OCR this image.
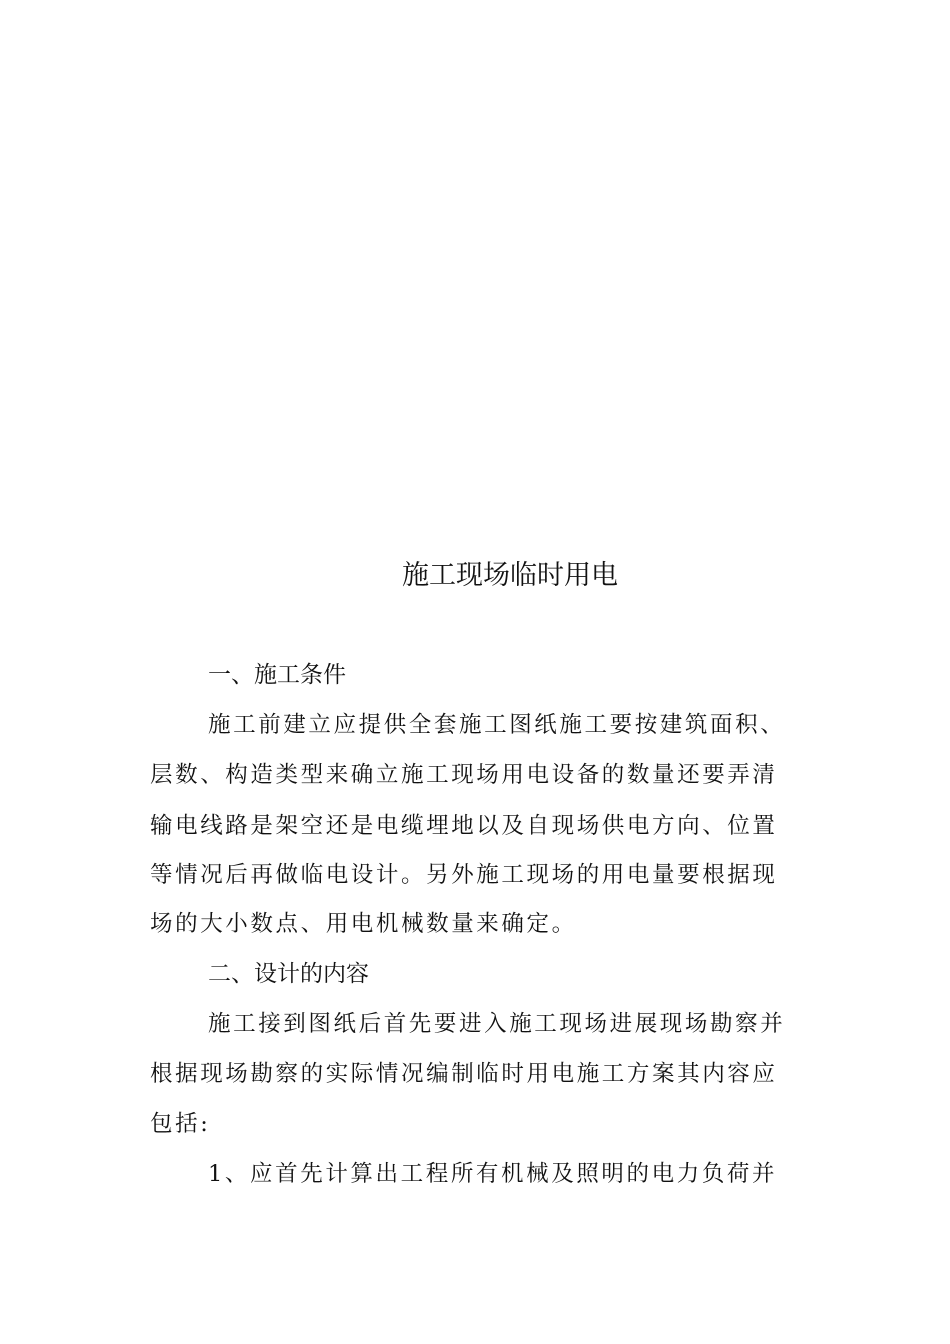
施工现场临时用电
一、施工条件
施工前建立应提供全套施工图纸施工要按建筑面积、
层数、构造类型来确立施工现场用电设备的数量还要弄清
输电线路是架空还是电缆埋地以及自现场供电方向、位置
等情况后再做临电设计。另外施工现场的用电量要根据现
场的大小数点、用电机械数量来确定。
二、设计的内容
施工接到图纸后首先要进入施工现场进展现场勘察并
根据现场勘察的实际情况编制临时用电施工方案其内容应
包括:
1、应首先计算出工程所有机械及照明的电力负荷并
